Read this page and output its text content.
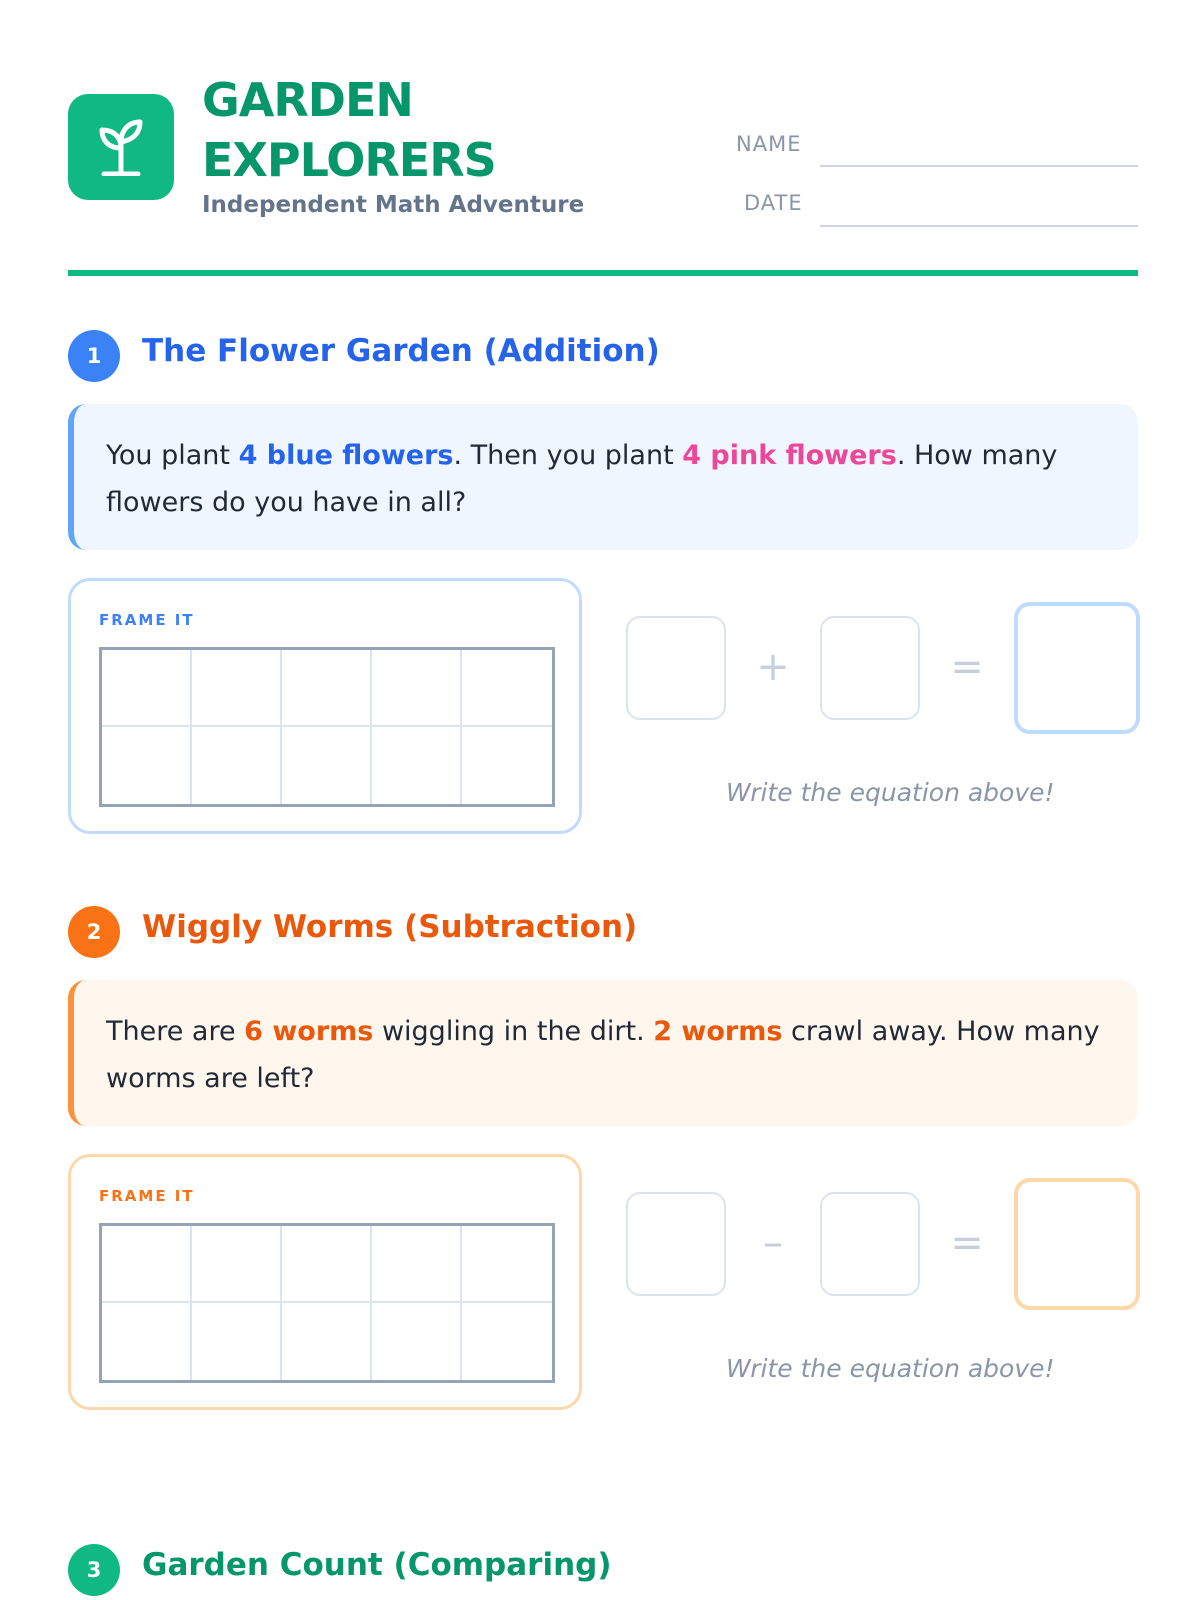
GARDEN
EXPLORERS
Independent Math Adventure
NAME
DATE
1	The Flower Garden (Addition)
You plant 4 blue flowers. Then you plant 4 pink flowers. How many flowers do you have in all?
FRAME IT
+	=
Write the equation above!
2	Wiggly Worms (Subtraction)
There are 6 worms wiggling in the dirt. 2 worms crawl away. How many worms are left?
FRAME IT
–	=
Write the equation above!
3	Garden Count (Comparing)
